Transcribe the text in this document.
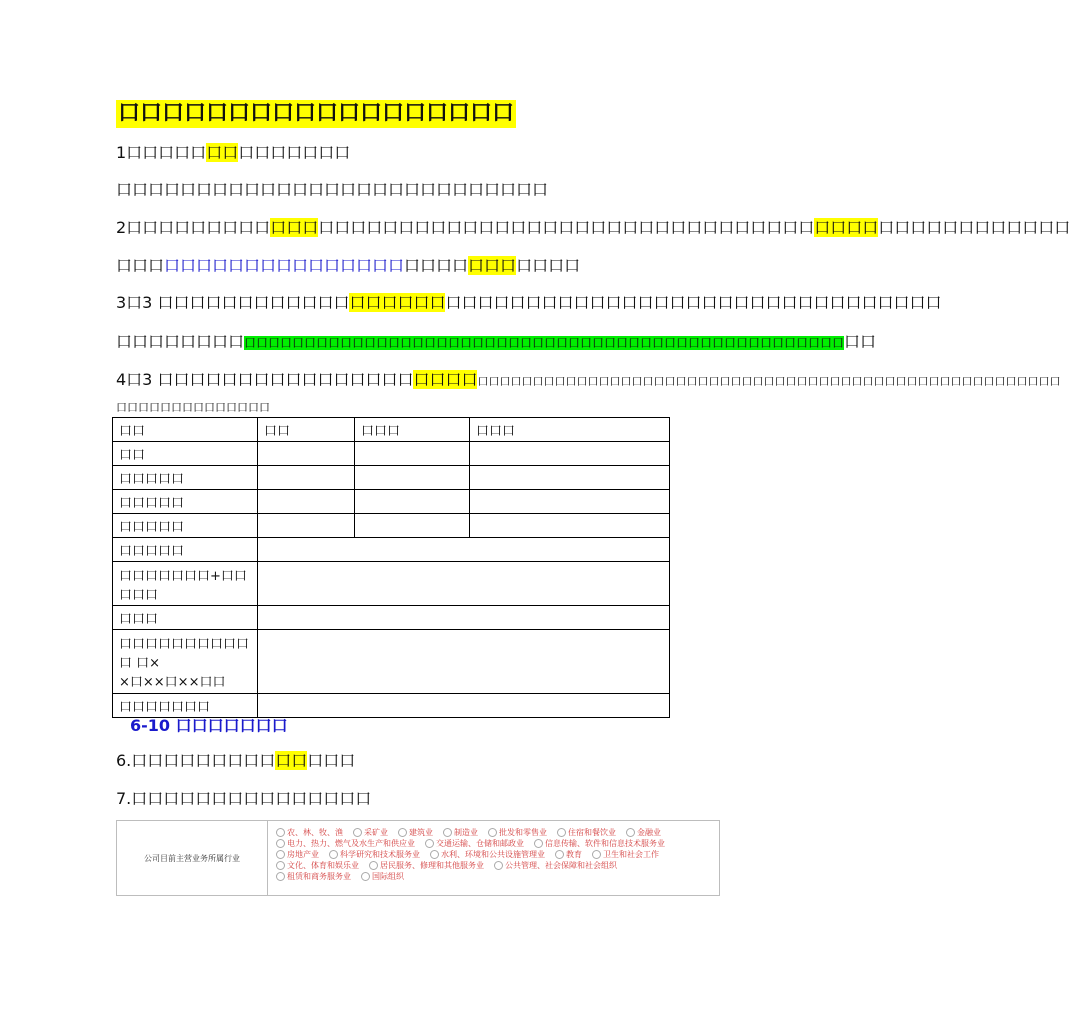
口口口口口口口口口口口口口口口口口口
1口口口口口口口口口口口口口口
口口口口口口口口口口口口口口口口口口口口口口口口口口口
2口口口口口口口口口口口口口口口口口口口口口口口口口口口口口口口口口口口口口口口口口口口口口口口口口口口口口口口口口口口
口口口口口口口口口口口口口口口口口口口口口口口口口口口口口
3口3 口口口口口口口口口口口口口口口口口口口口口口口口口口口口口口口口口口口口口口口口口口口口口口口口口
口口口口口口口口口口口口口口口口口口口口口口口口口口口口口口口口口口口口口口口口口口口口口口口口口口口口口口口口口口口口
4口3 口口口口口口口口口口口口口口口口口口口口口口口口口口口口口口口口口口口口口口口口口口口口口口口口口口口口口口口口口口口口口口口口口口口口口口口口口
口口口口口口口口口口口口口口
口口	口口	口口口	口口口
口口			
口口口口口			
口口口口口			
口口口口口			
口口口口口			
口口口口口口口+口口口口口			
口口口			
口口口口口口口口口口口 口×
×口××口××口口			
口口口口口口口			
6-10 口口口口口口口
6.口口口口口口口口口口口口口口
7.口口口口口口口口口口口口口口口
公司目前主营业务所属行业
农、林、牧、渔	采矿业	建筑业	制造业	批发和零售业	住宿和餐饮业	金融业电力、热力、燃气及水生产和供应业	交通运输、仓储和邮政业	信息传输、软件和信息技术服务业房地产业	科学研究和技术服务业	水利、环境和公共设施管理业	教育	卫生和社会工作文化、体育和娱乐业	居民服务、修理和其他服务业	公共管理、社会保障和社会组织租赁和商务服务业	国际组织
